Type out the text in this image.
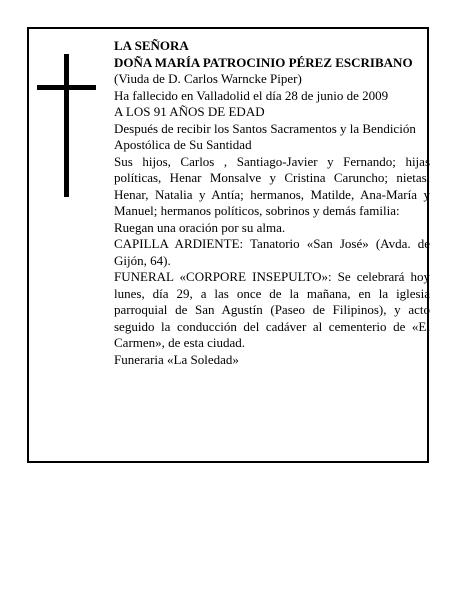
LA SEÑORA

DOÑA MARÍA PATROCINIO PÉREZ ESCRIBANO

(Viuda de D. Carlos Warncke Piper)

Ha fallecido en Valladolid el día 28 de junio de 2009

A LOS 91 AÑOS DE EDAD

Después de recibir los Santos Sacramentos y la Bendición Apostólica de Su Santidad

Sus hijos, Carlos , Santiago-Javier y Fernando; hijas políticas, Henar Monsalve y Cristina Caruncho; nietas, Henar, Natalia y Antía; hermanos, Matilde, Ana-María y Manuel; hermanos políticos, sobrinos y demás familia:

Ruegan una oración por su alma.

CAPILLA ARDIENTE: Tanatorio «San José» (Avda. de Gijón, 64).

FUNERAL «CORPORE INSEPULTO»: Se celebrará hoy lunes, día 29, a las once de la mañana, en la iglesia parroquial de San Agustín (Paseo de Filipinos), y acto seguido la conducción del cadáver al cementerio de «El Carmen», de esta ciudad.

Funeraria «La Soledad»
